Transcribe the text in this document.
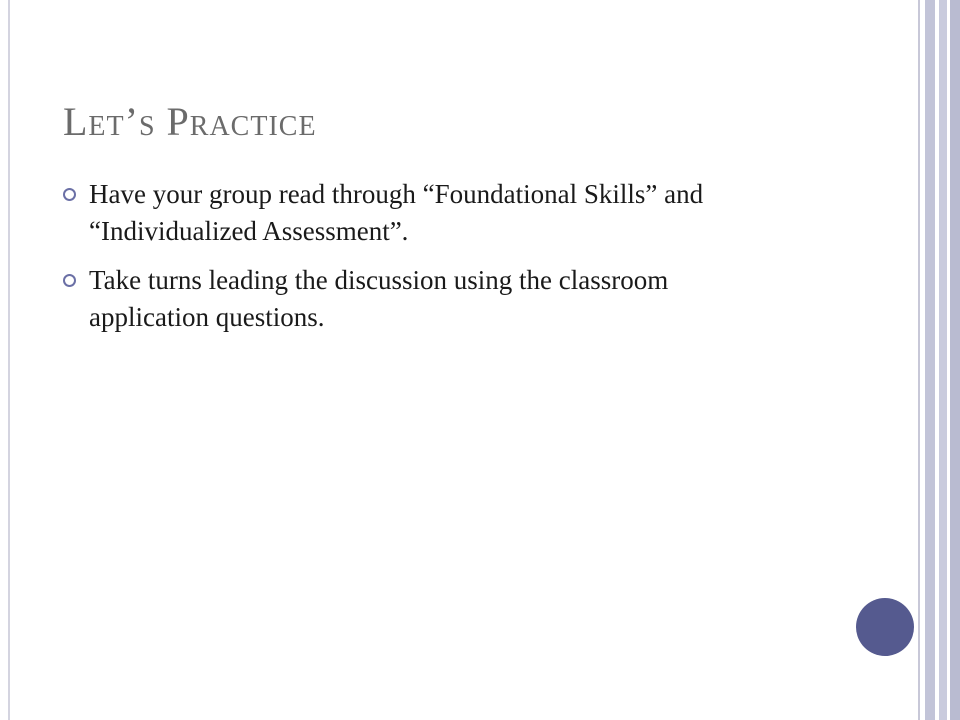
Let’s Practice
Have your group read through “Foundational Skills” and “Individualized Assessment”.
Take turns leading the discussion using the classroom application questions.
